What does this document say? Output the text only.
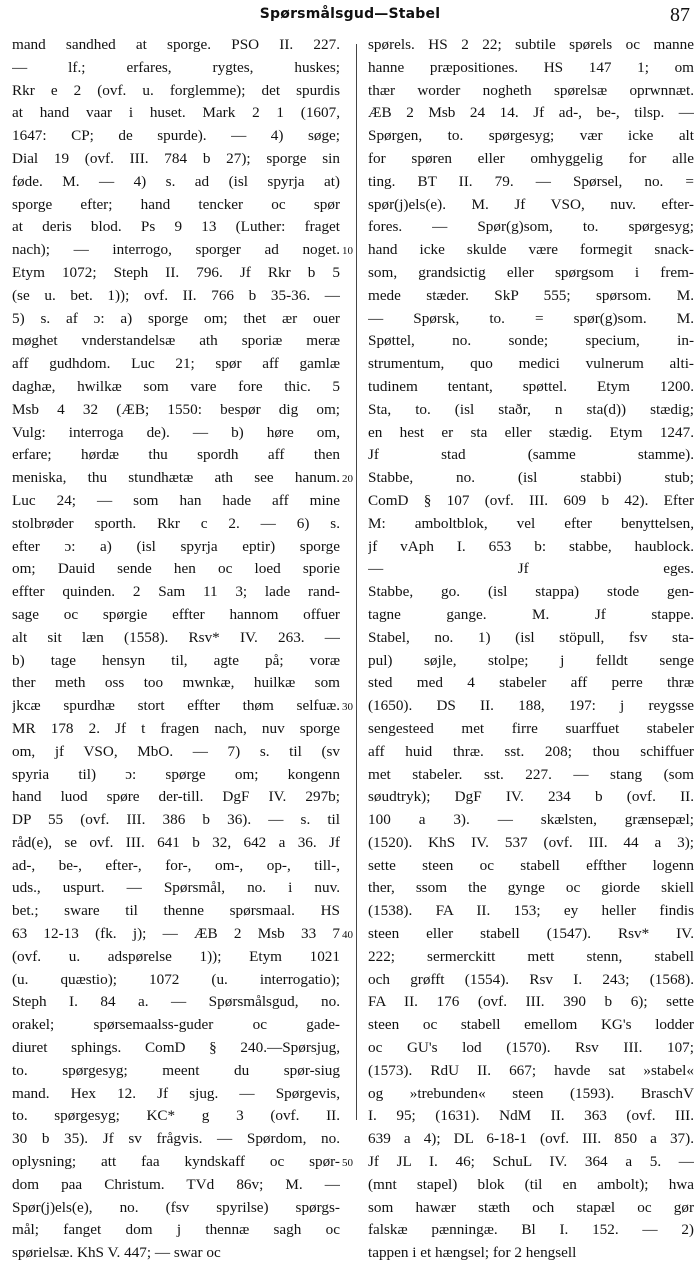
Spørsmålsgud—Stabel	87
mand sandhed at sporge. PSO II. 227.
— lf.; erfares, rygtes, huskes;
Rkr e 2 (ovf. u. forglemme); det spurdis
at hand vaar i huset. Mark 2 1 (1607,
1647: CP; de spurde). — 4) søge;
Dial 19 (ovf. III. 784 b 27); sporge sin
føde. M. — 4) s. ad (isl spyrja at)
sporge efter; hand tencker oc spør
at deris blod. Ps 9 13 (Luther: fraget
nach); — interrogo, sporger ad noget.
Etym 1072; Steph II. 796. Jf Rkr b 5
(se u. bet. 1)); ovf. II. 766 b 35-36. —
5) s. af ɔ: a) sporge om; thet ær ouer
møghet vnderstandelsæ ath sporiæ meræ
aff gudhdom. Luc 21; spør aff gamlæ
daghæ, hwilkæ som vare fore thic. 5
Msb 4 32 (ÆB; 1550: bespør dig om;
Vulg: interroga de). — b) høre om,
erfare; hørdæ thu spordh aff then
meniska, thu stundhætæ ath see hanum.
Luc 24; — som han hade aff mine
stolbrøder sporth. Rkr c 2. — 6) s.
efter ɔ: a) (isl spyrja eptir) sporge
om; Dauid sende hen oc loed sporie
effter quinden. 2 Sam 11 3; lade rand-
sage oc spørgie effter hannom offuer
alt sit læn (1558). Rsv* IV. 263. —
b) tage hensyn til, agte på; voræ
ther meth oss too mwnkæ, huilkæ som
jkcæ spurdhæ stort effter thøm selfuæ.
MR 178 2. Jf t fragen nach, nuv sporge
om, jf VSO, MbO. — 7) s. til (sv
spyria til) ɔ: spørge om; kongenn
hand luod spøre der-till. DgF IV. 297b;
DP 55 (ovf. III. 386 b 36). — s. til
råd(e), se ovf. III. 641 b 32, 642 a 36. Jf
ad-, be-, efter-, for-, om-, op-, till-,
uds., uspurt. — Spørsmål, no. i nuv.
bet.; sware til thenne spørsmaal. HS
63 12-13 (fk. j); — ÆB 2 Msb 33 7
(ovf. u. adspørelse 1)); Etym 1021
(u. quæstio); 1072 (u. interrogatio);
Steph I. 84 a. — Spørsmålsgud, no.
orakel; spørsemaalss-guder oc gade-
diuret sphings. ComD § 240.—Spørsjug,
to. spørgesyg; meent du spør-siug
mand. Hex 12. Jf sjug. — Spørgevis,
to. spørgesyg; KC* g 3 (ovf. II.
30 b 35). Jf sv frågvis. — Spørdom, no.
oplysning; att faa kyndskaff oc spør-
dom paa Christum. TVd 86v; M. —
Spør(j)els(e), no. (fsv spyrilse) spørgs-
mål; fanget dom j thennæ sagh oc
spørielsæ. KhS V. 447; — swar oc
10
20
30
40
50
spørels. HS 2 22; subtile spørels oc manne
hanne præpositiones. HS 147 1; om
thær worder nogheth spørelsæ oprwnnæt.
ÆB 2 Msb 24 14. Jf ad-, be-, tilsp. —
Spørgen, to. spørgesyg; vær icke alt
for spøren eller omhyggelig for alle
ting. BT II. 79. — Spørsel, no. =
spør(j)els(e). M. Jf VSO, nuv. efter-
fores. — Spør(g)som, to. spørgesyg;
hand icke skulde være formegit snack-
som, grandsictig eller spørgsom i frem-
mede stæder. SkP 555; spørsom. M.
— Spørsk, to. = spør(g)som. M.
Spøttel, no. sonde; specium, in-
strumentum, quo medici vulnerum alti-
tudinem tentant, spøttel. Etym 1200.
Sta, to. (isl staðr, n sta(d)) stædig;
en hest er sta eller stædig. Etym 1247.
Jf stad (samme stamme).
Stabbe, no. (isl stabbi) stub;
ComD § 107 (ovf. III. 609 b 42). Efter
M: amboltblok, vel efter benyttelsen,
jf vAph I. 653 b: stabbe, haublock.
— Jf eges.
Stabbe, go. (isl stappa) stode gen-
tagne gange. M. Jf stappe.
Stabel, no. 1) (isl stöpull, fsv sta-
pul) søjle, stolpe; j felldt senge
sted med 4 stabeler aff perre thræ
(1650). DS II. 188, 197: j reygsse
sengesteed met firre suarffuet stabeler
aff huid thræ. sst. 208; thou schiffuer
met stabeler. sst. 227. — stang (som
søudtryk); DgF IV. 234 b (ovf. II.
100 a 3). — skælsten, grænsepæl;
(1520). KhS IV. 537 (ovf. III. 44 a 3);
sette steen oc stabell effther logenn
ther, ssom the gynge oc giorde skiell
(1538). FA II. 153; ey heller findis
steen eller stabell (1547). Rsv* IV.
222; sermerckitt mett stenn, stabell
och grøfft (1554). Rsv I. 243; (1568).
FA II. 176 (ovf. III. 390 b 6); sette
steen oc stabell emellom KG's lodder
oc GU's lod (1570). Rsv III. 107;
(1573). RdU II. 667; havde sat »stabel«
og »trebunden« steen (1593). BraschV
I. 95; (1631). NdM II. 363 (ovf. III.
639 a 4); DL 6-18-1 (ovf. III. 850 a 37).
Jf JL I. 46; SchuL IV. 364 a 5. —
(mnt stapel) blok (til en ambolt); hwa
som hawær stæth och stapæl oc gør
falskæ pænningæ. Bl I. 152. — 2)
tappen i et hængsel; for 2 hengsell
